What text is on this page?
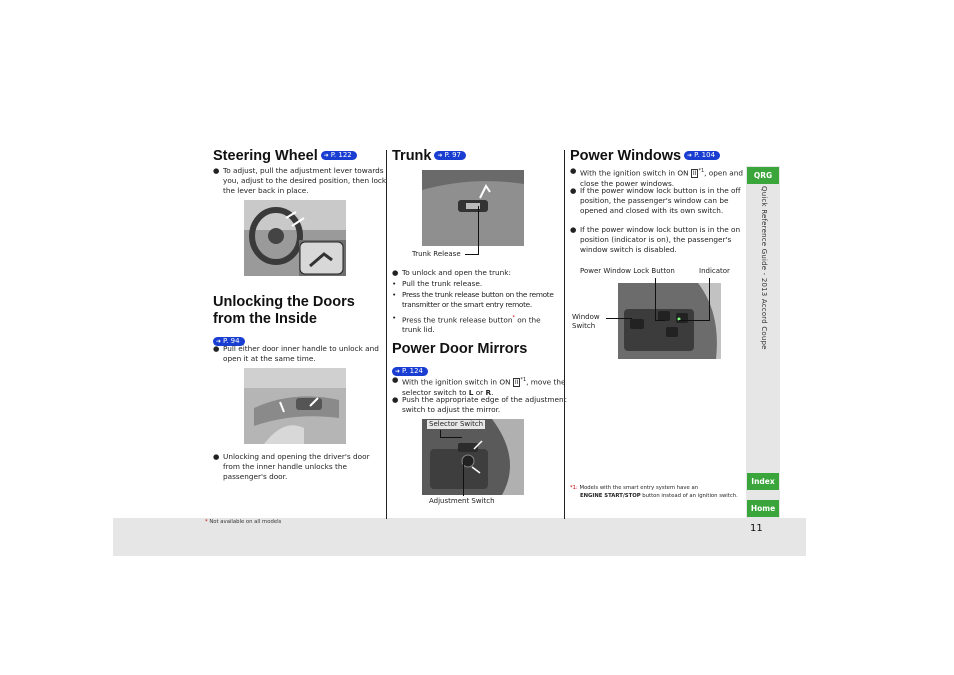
Steering Wheel ➜ P. 122
● To adjust, pull the adjustment lever towards you, adjust to the desired position, then lock the lever back in place.
Unlocking the Doors
from the Inside
➜ P. 94
● Pull either door inner handle to unlock and open it at the same time.
● Unlocking and opening the driver's door from the inner handle unlocks the passenger's door.
Trunk ➜ P. 97
Trunk Release
● To unlock and open the trunk:
• Pull the trunk release.
• Press the trunk release button on the remote transmitter or the smart entry remote.
• Press the trunk release button* on the trunk lid.
Power Door Mirrors
➜ P. 124
● With the ignition switch in ON II $^{*1}$, move the selector switch to L or R.
● Push the appropriate edge of the adjustment switch to adjust the mirror.
Selector Switch
Adjustment Switch
Power Windows ➜ P. 104
● With the ignition switch in ON II $^{*1}$, open and close the power windows.
● If the power window lock button is in the off position, the passenger's window can be opened and closed with its own switch.
● If the power window lock button is in the on position (indicator is on), the passenger's window switch is disabled.
Power Window Lock Button	Indicator
Window
Switch
*1: Models with the smart entry system have an
ENGINE START/STOP button instead of an ignition switch.
QRG
Quick Reference Guide - 2013 Accord Coupe
Index
Home
* Not available on all models
11
